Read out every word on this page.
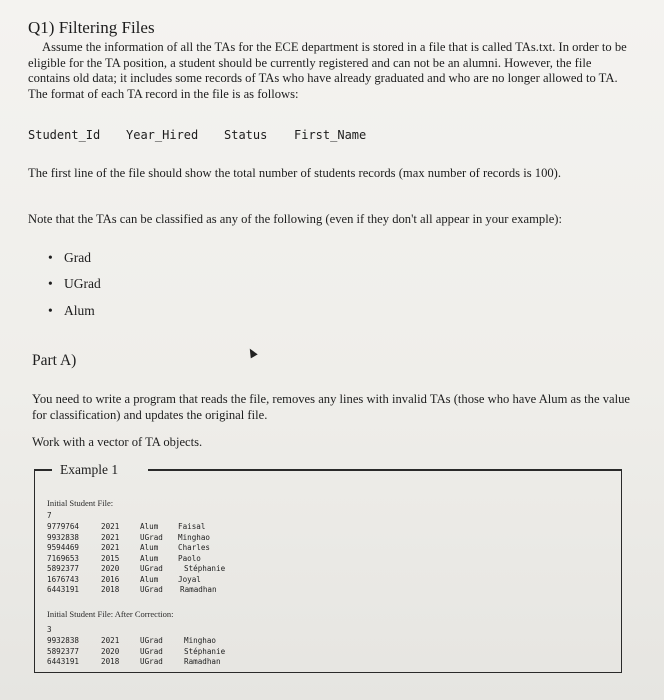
Q1) Filtering Files
Assume the information of all the TAs for the ECE department is stored in a file that is called TAs.txt. In order to be eligible for the TA position, a student should be currently registered and can not be an alumni. However, the file contains old data; it includes some records of TAs who have already graduated and who are no longer allowed to TA. The format of each TA record in the file is as follows:
Student_Id Year_Hired Status First_Name
The first line of the file should show the total number of students records (max number of records is 100).
Note that the TAs can be classified as any of the following (even if they don't all appear in your example):
• Grad
• UGrad
• Alum
Part A)
You need to write a program that reads the file, removes any lines with invalid TAs (those who have Alum as the value for classification) and updates the original file.
Work with a vector of TA objects.
Example 1
Initial Student File:
7
9779764	2021	Alum	Faisal
9932838	2021	UGrad Minghao
9594469	2021	Alum	Charles
7169653	2015	Alum	Paolo
5892377	2020	UGrad	Stéphanie
1676743	2016	Alum	Joyal
6443191	2018	UGrad Ramadhan
Initial Student File: After Correction:
3
9932838	2021	UGrad	Minghao
5892377	2020	UGrad	Stéphanie
6443191	2018	UGrad	Ramadhan
